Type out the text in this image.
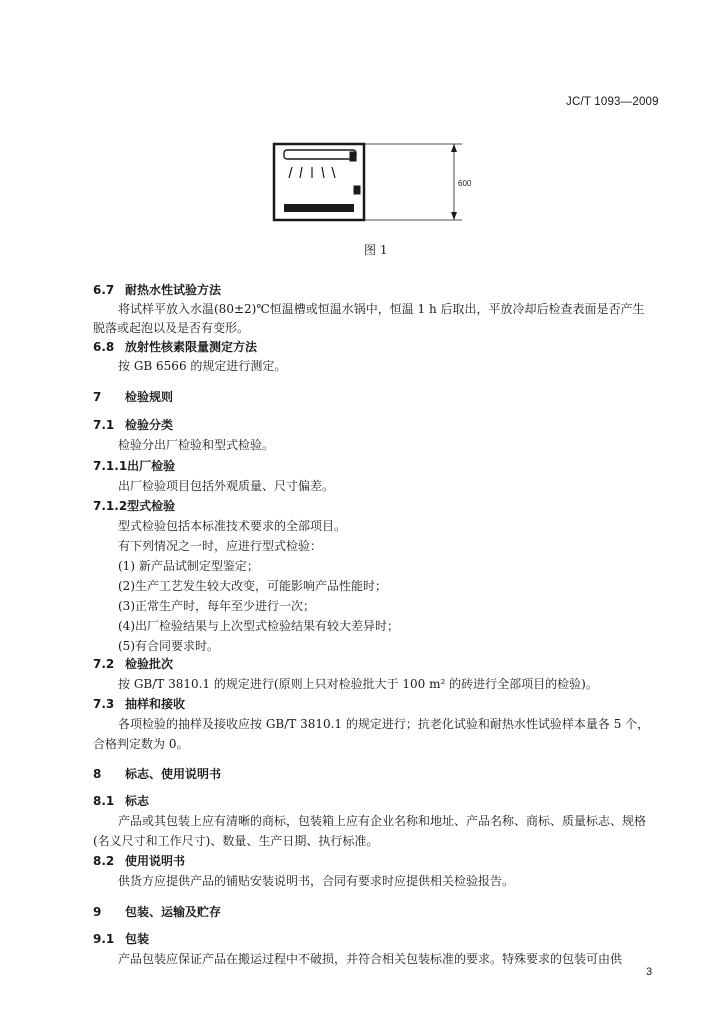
JC/T 1093—2009
600
图 1
6.7 耐热水性试验方法
将试样平放入水温(80±2)℃恒温槽或恒温水锅中，恒温 1 h 后取出，平放冷却后检查表面是否产生
脱落或起泡以及是否有变形。
6.8 放射性核素限量测定方法
按 GB 6566 的规定进行测定。
7 检验规则
7.1 检验分类
检验分出厂检验和型式检验。
7.1.1出厂检验
出厂检验项目包括外观质量、尺寸偏差。
7.1.2型式检验
型式检验包括本标准技术要求的全部项目。
有下列情况之一时，应进行型式检验：
(1) 新产品试制定型鉴定；
(2)生产工艺发生较大改变，可能影响产品性能时；
(3)正常生产时，每年至少进行一次；
(4)出厂检验结果与上次型式检验结果有较大差异时；
(5)有合同要求时。
7.2 检验批次
按 GB/T 3810.1 的规定进行(原则上只对检验批大于 100 m² 的砖进行全部项目的检验)。
7.3 抽样和接收
各项检验的抽样及接收应按 GB/T 3810.1 的规定进行；抗老化试验和耐热水性试验样本量各 5 个，
合格判定数为 0。
8 标志、使用说明书
8.1 标志
产品或其包装上应有清晰的商标，包装箱上应有企业名称和地址、产品名称、商标、质量标志、规格
(名义尺寸和工作尺寸)、数量、生产日期、执行标准。
8.2 使用说明书
供货方应提供产品的铺贴安装说明书，合同有要求时应提供相关检验报告。
9 包装、运输及贮存
9.1 包装
产品包装应保证产品在搬运过程中不破损，并符合相关包装标准的要求。特殊要求的包装可由供
3
